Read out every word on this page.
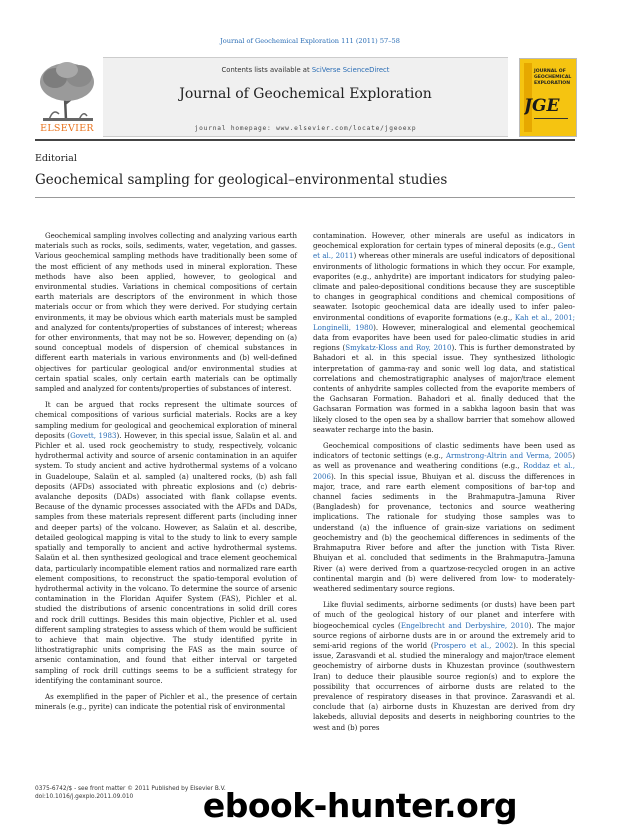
Journal of Geochemical Exploration 111 (2011) 57–58
Contents lists available at SciVerse ScienceDirect
Journal of Geochemical Exploration
journal homepage: www.elsevier.com/locate/jgeoexp
ELSEVIER
JOURNAL OF
GEOCHEMICAL
EXPLORATION
JGE
Editorial
Geochemical sampling for geological–environmental studies

Geochemical sampling involves collecting and analyzing various earth materials such as rocks, soils, sediments, water, vegetation, and gasses. Various geochemical sampling methods have traditionally been some of the most efficient of any methods used in mineral exploration. These methods have also been applied, however, to geological and environmental studies. Variations in chemical compositions of certain earth materials are descriptors of the environment in which those materials occur or from which they were derived. For studying certain environments, it may be obvious which earth materials must be sampled and analyzed for contents/properties of substances of interest; whereas for other environments, that may not be so. However, depending on (a) sound conceptual models of dispersion of chemical substances in different earth materials in various environments and (b) well-defined objectives for particular geological and/or environmental studies at certain spatial scales, only certain earth materials can be optimally sampled and analyzed for contents/properties of substances of interest.

It can be argued that rocks represent the ultimate sources of chemical compositions of various surficial materials. Rocks are a key sampling medium for geological and geochemical exploration of mineral deposits (Govett, 1983). However, in this special issue, Salaün et al. and Pichler et al. used rock geochemistry to study, respectively, volcanic hydrothermal activity and source of arsenic contamination in an aquifer system. To study ancient and active hydrothermal systems of a volcano in Guadeloupe, Salaün et al. sampled (a) unaltered rocks, (b) ash fall deposits (AFDs) associated with phreatic explosions and (c) debris-avalanche deposits (DADs) associated with flank collapse events. Because of the dynamic processes associated with the AFDs and DADs, samples from these materials represent different parts (including inner and deeper parts) of the volcano. However, as Salaün et al. describe, detailed geological mapping is vital to the study to link to every sample spatially and temporally to ancient and active hydrothermal systems. Salaün et al. then synthesized geological and trace element geochemical data, particularly incompatible element ratios and normalized rare earth element compositions, to reconstruct the spatio-temporal evolution of hydrothermal activity in the volcano. To determine the source of arsenic contamination in the Floridan Aquifer System (FAS), Pichler et al. studied the distributions of arsenic concentrations in solid drill cores and rock drill cuttings. Besides this main objective, Pichler et al. used different sampling strategies to assess which of them would be sufficient to achieve that main objective. The study identified pyrite in lithostratigraphic units comprising the FAS as the main source of arsenic contamination, and found that either interval or targeted sampling of rock drill cuttings seems to be a sufficient strategy for identifying the contaminant source.

As exemplified in the paper of Pichler et al., the presence of certain minerals (e.g., pyrite) can indicate the potential risk of environmental

contamination. However, other minerals are useful as indicators in geochemical exploration for certain types of mineral deposits (e.g., Gent et al., 2011) whereas other minerals are useful indicators of depositional environments of lithologic formations in which they occur. For example, evaporites (e.g., anhydrite) are important indicators for studying paleo-climate and paleo-depositional conditions because they are susceptible to changes in geographical conditions and chemical compositions of seawater. Isotopic geochemical data are ideally used to infer paleo-environmental conditions of evaporite formations (e.g., Kah et al., 2001; Longinelli, 1980). However, mineralogical and elemental geochemical data from evaporites have been used for paleo-climatic studies in arid regions (Smykatz-Kloss and Roy, 2010). This is further demonstrated by Bahadori et al. in this special issue. They synthesized lithologic interpretation of gamma-ray and sonic well log data, and statistical correlations and chemostratigraphic analyses of major/trace element contents of anhydrite samples collected from the evaporite members of the Gachsaran Formation. Bahadori et al. finally deduced that the Gachsaran Formation was formed in a sabkha lagoon basin that was likely closed to the open sea by a shallow barrier that somehow allowed seawater recharge into the basin.

Geochemical compositions of clastic sediments have been used as indicators of tectonic settings (e.g., Armstrong-Altrin and Verma, 2005) as well as provenance and weathering conditions (e.g., Roddaz et al., 2006). In this special issue, Bhuiyan et al. discuss the differences in major, trace, and rare earth element compositions of bar-top and channel facies sediments in the Brahmaputra–Jamuna River (Bangladesh) for provenance, tectonics and source weathering implications. The rationale for studying those samples was to understand (a) the influence of grain-size variations on sediment geochemistry and (b) the geochemical differences in sediments of the Brahmaputra River before and after the junction with Tista River. Bhuiyan et al. concluded that sediments in the Brahmaputra–Jamuna River (a) were derived from a quartzose-recycled orogen in an active continental margin and (b) were delivered from low- to moderately-weathered sedimentary source regions.

Like fluvial sediments, airborne sediments (or dusts) have been part of much of the geological history of our planet and interfere with biogeochemical cycles (Engelbrecht and Derbyshire, 2010). The major source regions of airborne dusts are in or around the extremely arid to semi-arid regions of the world (Prospero et al., 2002). In this special issue, Zarasvandi et al. studied the mineralogy and major/trace element geochemistry of airborne dusts in Khuzestan province (southwestern Iran) to deduce their plausible source region(s) and to explore the possibility that occurrences of airborne dusts are related to the prevalence of respiratory diseases in that province. Zarasvandi et al. conclude that (a) airborne dusts in Khuzestan are derived from dry lakebeds, alluvial deposits and deserts in neighboring countries to the west and (b) pores

0375-6742/$ - see front matter © 2011 Published by Elsevier B.V.
doi:10.1016/j.gexplo.2011.09.010	ebook-hunter.org
